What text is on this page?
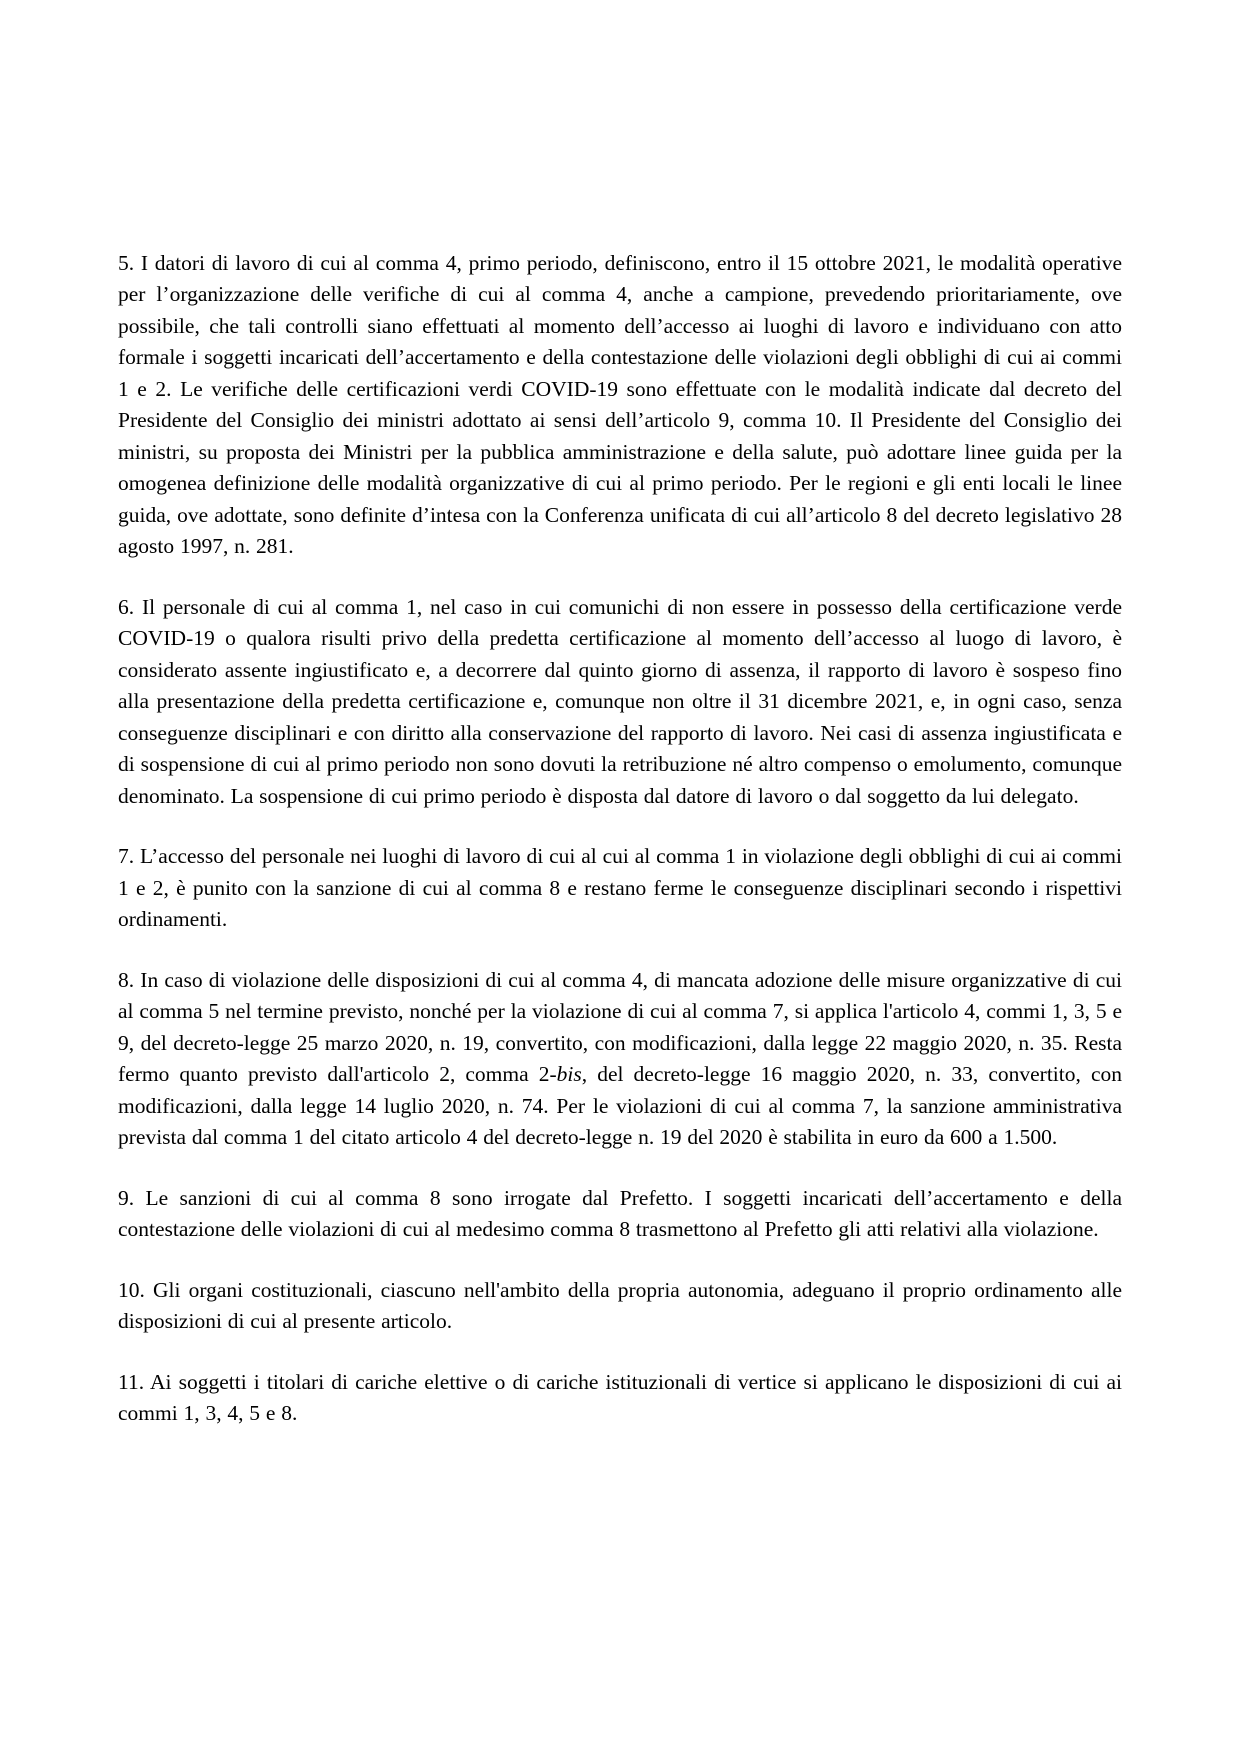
5. I datori di lavoro di cui al comma 4, primo periodo, definiscono, entro il 15 ottobre 2021, le modalità operative per l’organizzazione delle verifiche di cui al comma 4, anche a campione, prevedendo prioritariamente, ove possibile, che tali controlli siano effettuati al momento dell’accesso ai luoghi di lavoro e individuano con atto formale i soggetti incaricati dell’accertamento e della contestazione delle violazioni degli obblighi di cui ai commi 1 e 2. Le verifiche delle certificazioni verdi COVID-19 sono effettuate con le modalità indicate dal decreto del Presidente del Consiglio dei ministri adottato ai sensi dell’articolo 9, comma 10. Il Presidente del Consiglio dei ministri, su proposta dei Ministri per la pubblica amministrazione e della salute, può adottare linee guida per la omogenea definizione delle modalità organizzative di cui al primo periodo. Per le regioni e gli enti locali le linee guida, ove adottate, sono definite d’intesa con la Conferenza unificata di cui all’articolo 8 del decreto legislativo 28 agosto 1997, n. 281.

6. Il personale di cui al comma 1, nel caso in cui comunichi di non essere in possesso della certificazione verde COVID-19 o qualora risulti privo della predetta certificazione al momento dell’accesso al luogo di lavoro, è considerato assente ingiustificato e, a decorrere dal quinto giorno di assenza, il rapporto di lavoro è sospeso fino alla presentazione della predetta certificazione e, comunque non oltre il 31 dicembre 2021, e, in ogni caso, senza conseguenze disciplinari e con diritto alla conservazione del rapporto di lavoro. Nei casi di assenza ingiustificata e di sospensione di cui al primo periodo non sono dovuti la retribuzione né altro compenso o emolumento, comunque denominato. La sospensione di cui primo periodo è disposta dal datore di lavoro o dal soggetto da lui delegato.

7. L’accesso del personale nei luoghi di lavoro di cui al cui al comma 1 in violazione degli obblighi di cui ai commi 1 e 2, è punito con la sanzione di cui al comma 8 e restano ferme le conseguenze disciplinari secondo i rispettivi ordinamenti.

8. In caso di violazione delle disposizioni di cui al comma 4, di mancata adozione delle misure organizzative di cui al comma 5 nel termine previsto, nonché per la violazione di cui al comma 7, si applica l'articolo 4, commi 1, 3, 5 e 9, del decreto-legge 25 marzo 2020, n. 19, convertito, con modificazioni, dalla legge 22 maggio 2020, n. 35. Resta fermo quanto previsto dall'articolo 2, comma 2-bis, del decreto-legge 16 maggio 2020, n. 33, convertito, con modificazioni, dalla legge 14 luglio 2020, n. 74. Per le violazioni di cui al comma 7, la sanzione amministrativa prevista dal comma 1 del citato articolo 4 del decreto-legge n. 19 del 2020 è stabilita in euro da 600 a 1.500.

9. Le sanzioni di cui al comma 8 sono irrogate dal Prefetto. I soggetti incaricati dell’accertamento e della contestazione delle violazioni di cui al medesimo comma 8 trasmettono al Prefetto gli atti relativi alla violazione.

10. Gli organi costituzionali, ciascuno nell'ambito della propria autonomia, adeguano il proprio ordinamento alle disposizioni di cui al presente articolo.

11. Ai soggetti i titolari di cariche elettive o di cariche istituzionali di vertice si applicano le disposizioni di cui ai commi 1, 3, 4, 5 e 8.
